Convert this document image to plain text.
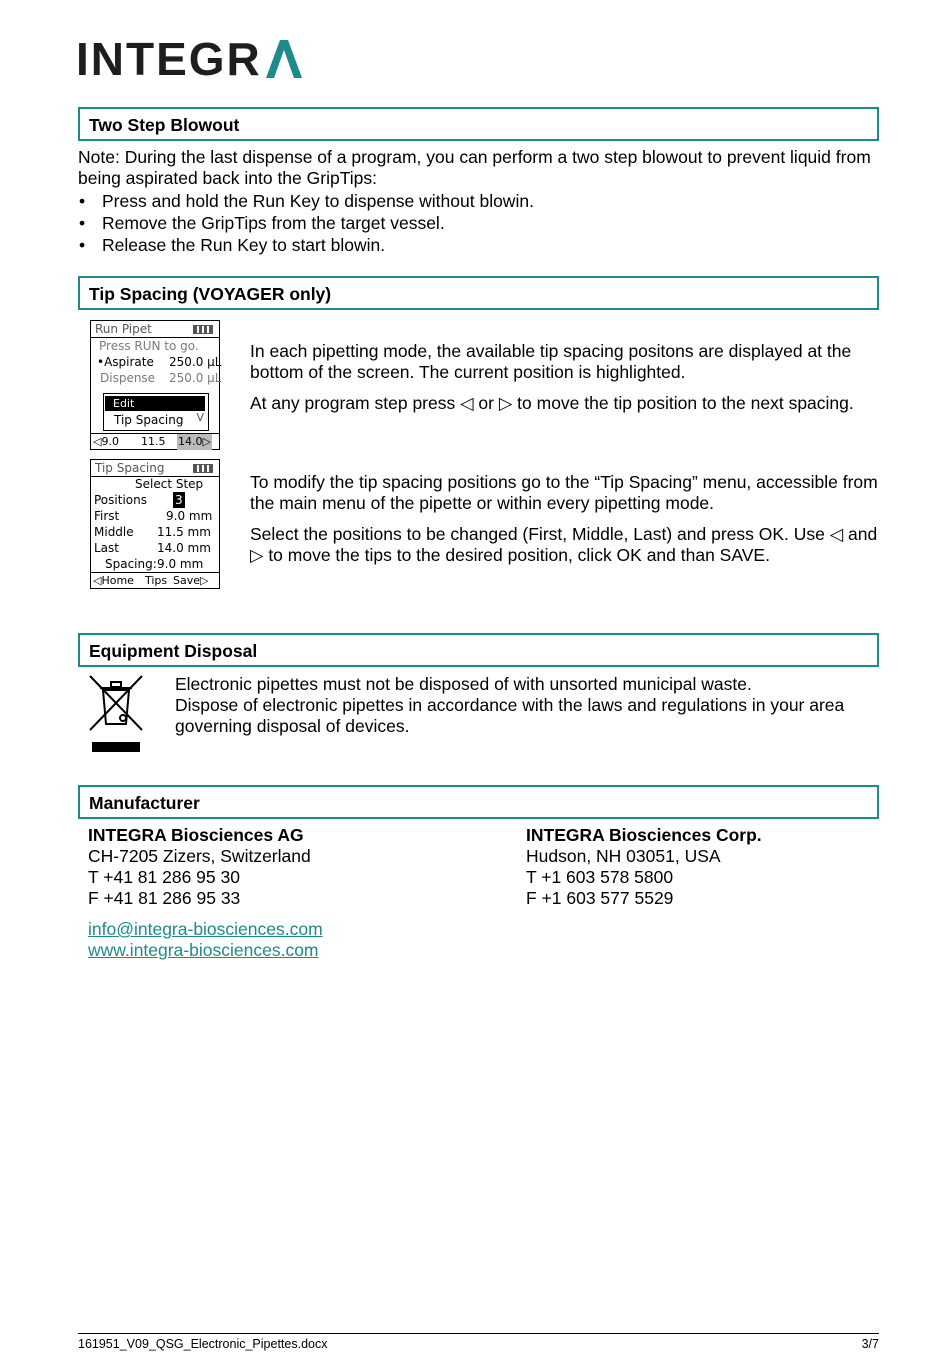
INTEGR
Two Step Blowout

Note: During the last dispense of a program, you can perform a two step blowout to prevent liquid from being aspirated back into the GripTips:

• Press and hold the Run Key to dispense without blowin.
• Remove the GripTips from the target vessel.
• Release the Run Key to start blowin.
Tip Spacing (VOYAGER only)
Run Pipet
Press RUN to go.
•Aspirate 250.0 µL
Dispense 250.0 µL
Edit
Tip Spacing V
◁9.0 11.5 14.0▷

In each pipetting mode, the available tip spacing positons are displayed at the bottom of the screen. The current position is highlighted.

At any program step press ◁ or ▷ to move the tip position to the next spacing.

Tip Spacing
Select Step
Positions 3
First	9.0 mm
Middle 11.5 mm
Last	14.0 mm
Spacing: 9.0 mm
◁Home Tips Save▷

To modify the tip spacing positions go to the “Tip Spacing” menu, accessible from the main menu of the pipette or within every pipetting mode.

Select the positions to be changed (First, Middle, Last) and press OK. Use ◁ and ▷ to move the tips to the desired position, click OK and than SAVE.

Equipment Disposal

Electronic pipettes must not be disposed of with unsorted municipal waste.

Dispose of electronic pipettes in accordance with the laws and regulations in your area governing disposal of devices.

Manufacturer

INTEGRA Biosciences AG

CH-7205 Zizers, Switzerland

T +41 81 286 95 30

F +41 81 286 95 33

info@integra-biosciences.com

www.integra-biosciences.com

INTEGRA Biosciences Corp.

Hudson, NH 03051, USA

T +1 603 578 5800

F +1 603 577 5529

161951_V09_QSG_Electronic_Pipettes.docx	3/7
